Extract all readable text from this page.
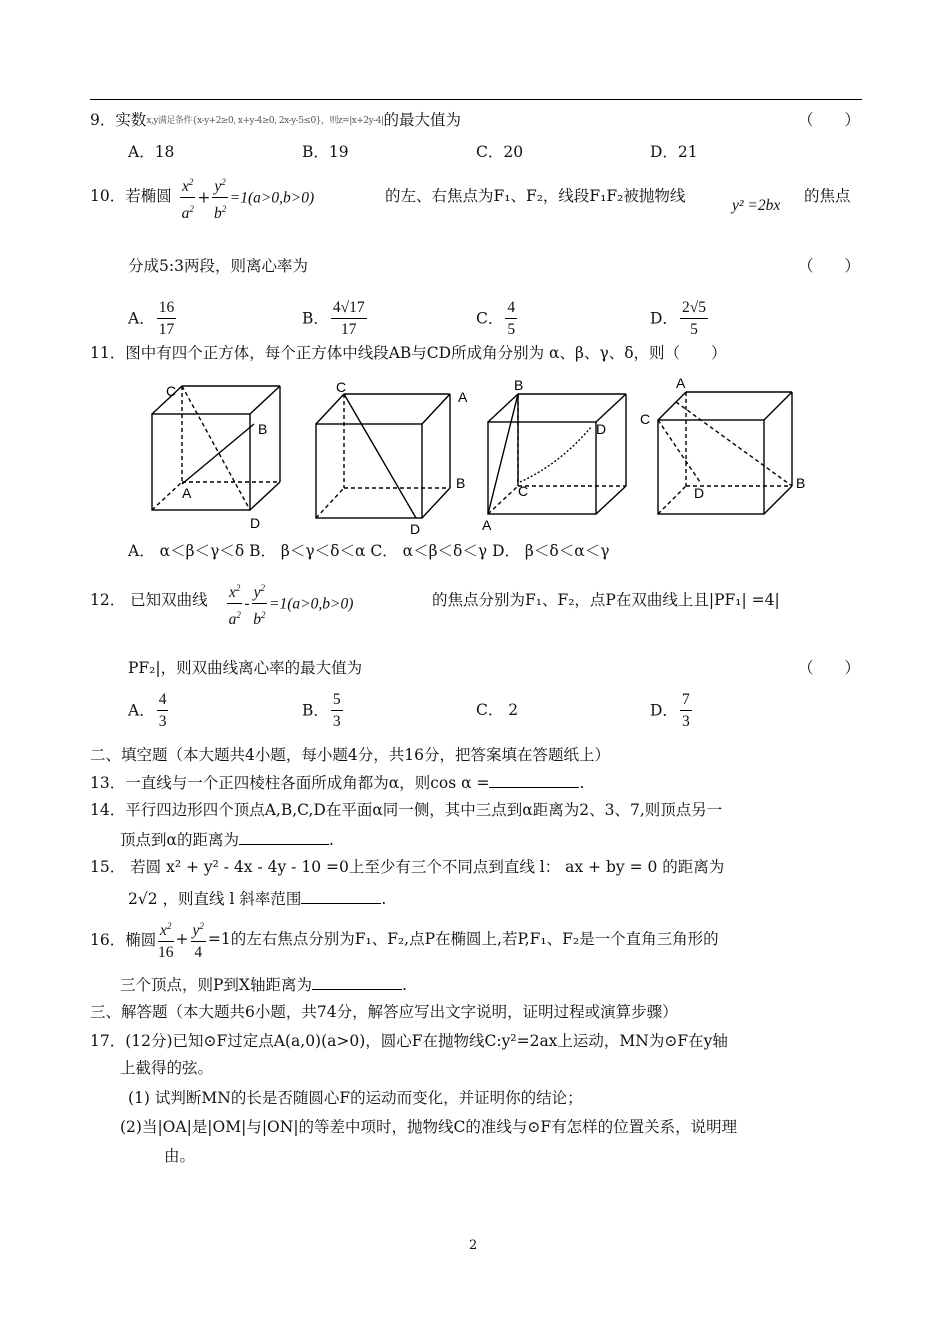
9．实数x,y满足条件{x-y+2≥0, x+y-4≥0, 2x-y-5≤0}，则z=|x+2y-4|的最大值为	（　　）
A．18	B．19	C．20	D．21
10．若椭圆 $\frac{x^2}{a^2} + \frac{y^2}{b^2} =1(a>0,b>0)$	的左、右焦点为F₁、F₂，线段F₁F₂被抛物线
y² =2bx
的焦点
分成5:3两段，则离心率为	（　　）
A． $\frac{16}{17}$	B． $\frac{4√17}{17}$	C． $\frac{4}{5}$	D． $\frac{2√5}{5}$
11．图中有四个正方体，每个正方体中线段AB与CD所成角分别为 α、β、γ、δ，则（　　）
C
B
A
D
C
A
B
D
B
D
C
A
A
C
D
B
A． α＜β＜γ＜δ B． β＜γ＜δ＜α C． α＜β＜δ＜γ D． β＜δ＜α＜γ
12． 已知双曲线 $\frac{x^2}{a^2} - \frac{y^2}{b^2} =1(a>0,b>0)$	的焦点分别为F₁、F₂，点P在双曲线上且|PF₁| =4|
PF₂|，则双曲线离心率的最大值为	（　　）
A． $\frac{4}{3}$	B． $\frac{5}{3}$	C． 2	D． $\frac{7}{3}$
二、填空题（本大题共4小题，每小题4分，共16分，把答案填在答题纸上）
13．一直线与一个正四棱柱各面所成角都为α，则cos α =	.
14．平行四边形四个顶点A,B,C,D在平面α同一侧，其中三点到α距离为2、3、7,则顶点另一
顶点到α的距离为	.
15． 若圆 x² + y² - 4x - 4y - 10 =0上至少有三个不同点到直线 l： ax + by = 0 的距离为
2√2 ，则直线 l 斜率范围	.
16．椭圆 $\frac{x^2}{16} + \frac{y^2}{4} =1$的左右焦点分别为F₁、F₂,点P在椭圆上,若P,F₁、F₂是一个直角三角形的
三个顶点，则P到X轴距离为	.
三、解答题（本大题共6小题，共74分，解答应写出文字说明，证明过程或演算步骤）
17．(12分)已知⊙F过定点A(a,0)(a>0)，圆心F在抛物线C:y²=2ax上运动，MN为⊙F在y轴
上截得的弦。
(1) 试判断MN的长是否随圆心F的运动而变化，并证明你的结论；
(2)当|OA|是|OM|与|ON|的等差中项时，抛物线C的准线与⊙F有怎样的位置关系，说明理
由。
2
